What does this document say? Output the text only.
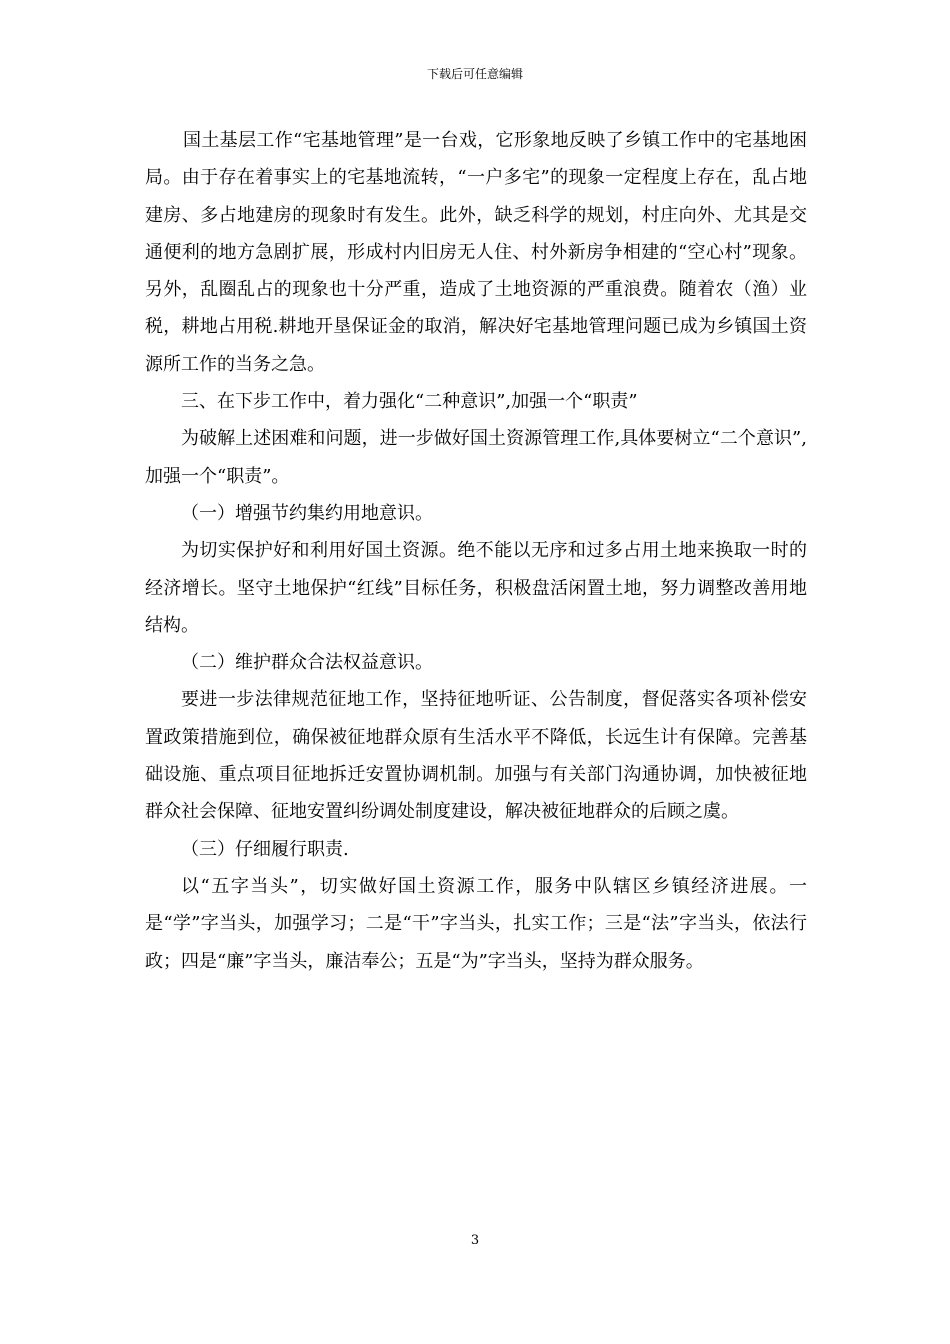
下载后可任意编辑

国土基层工作“宅基地管理”是一台戏，它形象地反映了乡镇工作中的宅基地困局。由于存在着事实上的宅基地流转，“一户多宅”的现象一定程度上存在，乱占地建房、多占地建房的现象时有发生。此外，缺乏科学的规划，村庄向外、尤其是交通便利的地方急剧扩展，形成村内旧房无人住、村外新房争相建的“空心村”现象。另外，乱圈乱占的现象也十分严重，造成了土地资源的严重浪费。随着农（渔）业税，耕地占用税.耕地开垦保证金的取消，解决好宅基地管理问题已成为乡镇国土资源所工作的当务之急。

三、在下步工作中，着力强化“二种意识”,加强一个“职责”

为破解上述困难和问题，进一步做好国土资源管理工作,具体要树立“二个意识”,加强一个“职责”。

（一）增强节约集约用地意识。

为切实保护好和利用好国土资源。绝不能以无序和过多占用土地来换取一时的经济增长。坚守土地保护“红线”目标任务，积极盘活闲置土地，努力调整改善用地结构。

（二）维护群众合法权益意识。

要进一步法律规范征地工作，坚持征地听证、公告制度，督促落实各项补偿安置政策措施到位，确保被征地群众原有生活水平不降低，长远生计有保障。完善基础设施、重点项目征地拆迁安置协调机制。加强与有关部门沟通协调，加快被征地群众社会保障、征地安置纠纷调处制度建设，解决被征地群众的后顾之虞。

（三）仔细履行职责.

以“五字当头”，切实做好国土资源工作，服务中队辖区乡镇经济进展。一是“学”字当头，加强学习；二是“干”字当头，扎实工作；三是“法”字当头，依法行政；四是“廉”字当头，廉洁奉公；五是“为”字当头，坚持为群众服务。

3
